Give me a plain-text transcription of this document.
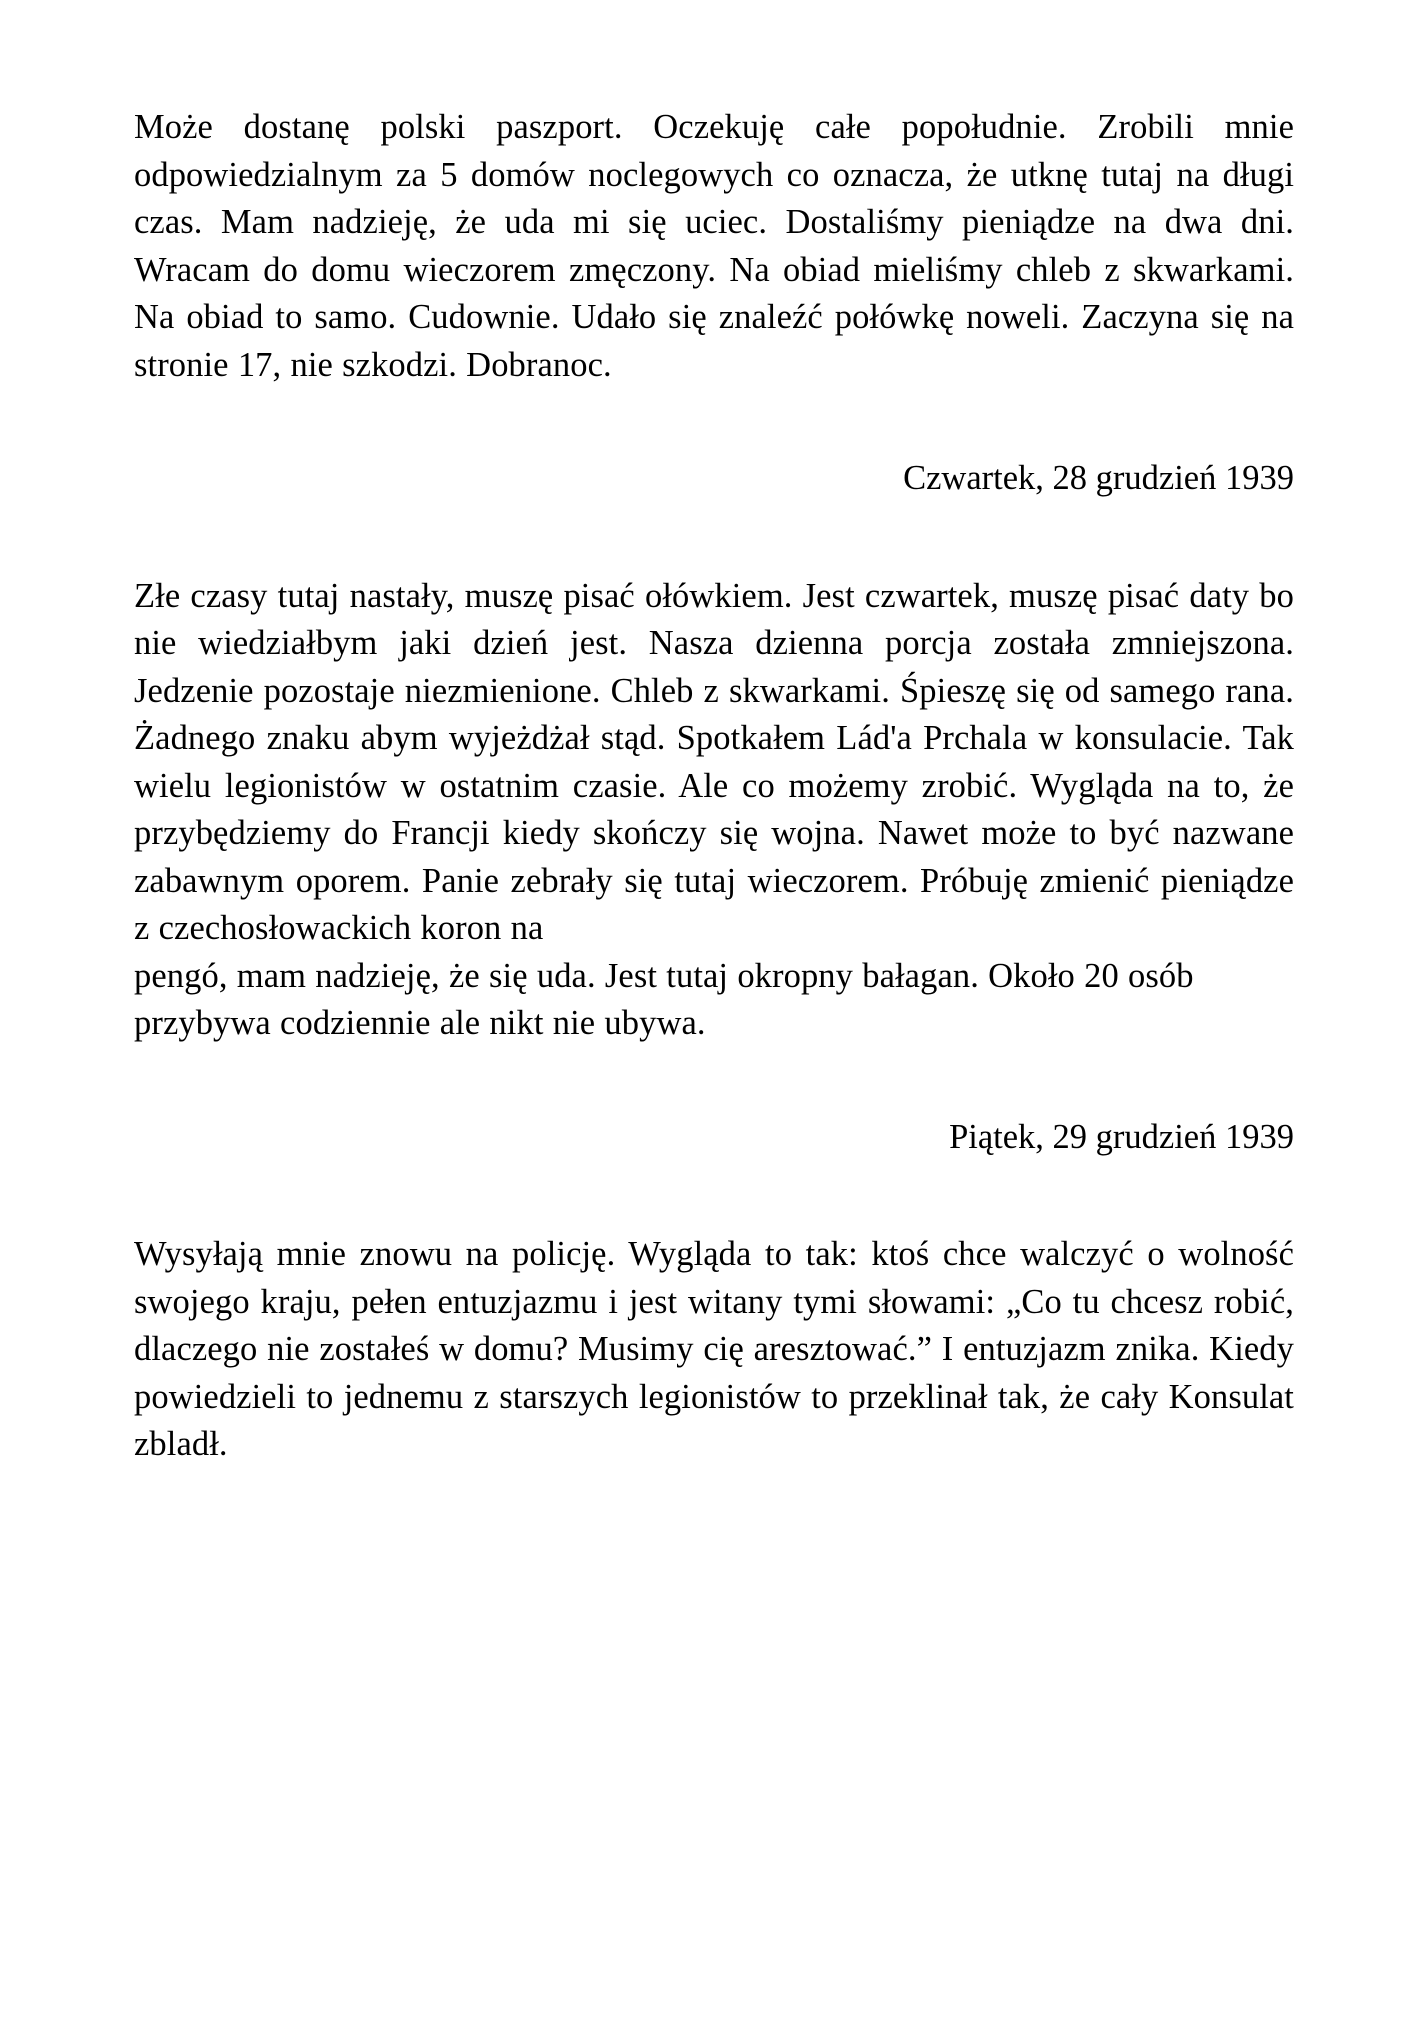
Może dostanę polski paszport. Oczekuję całe popołudnie. Zrobili mnie odpowiedzialnym za 5 domów noclegowych co oznacza, że utknę tutaj na długi czas. Mam nadzieję, że uda mi się uciec. Dostaliśmy pieniądze na dwa dni. Wracam do domu wieczorem zmęczony. Na obiad mieliśmy chleb z skwarkami. Na obiad to samo. Cudownie. Udało się znaleźć połówkę noweli. Zaczyna się na stronie 17, nie szkodzi. Dobranoc.

Czwartek, 28 grudzień 1939

Złe czasy tutaj nastały, muszę pisać ołówkiem. Jest czwartek, muszę pisać daty bo nie wiedziałbym jaki dzień jest. Nasza dzienna porcja została zmniejszona. Jedzenie pozostaje niezmienione. Chleb z skwarkami. Śpieszę się od samego rana. Żadnego znaku abym wyjeżdżał stąd. Spotkałem Lád'a Prchala w konsulacie. Tak wielu legionistów w ostatnim czasie. Ale co możemy zrobić. Wygląda na to, że przybędziemy do Francji kiedy skończy się wojna. Nawet może to być nazwane zabawnym oporem. Panie zebrały się tutaj wieczorem. Próbuję zmienić pieniądze z czechosłowackich koron na

pengó, mam nadzieję, że się uda. Jest tutaj okropny bałagan. Około 20 osób przybywa codziennie ale nikt nie ubywa.

Piątek, 29 grudzień 1939

Wysyłają mnie znowu na policję. Wygląda to tak: ktoś chce walczyć o wolność swojego kraju, pełen entuzjazmu i jest witany tymi słowami: „Co tu chcesz robić, dlaczego nie zostałeś w domu? Musimy cię aresztować.” I entuzjazm znika. Kiedy powiedzieli to jednemu z starszych legionistów to przeklinał tak, że cały Konsulat zbladł.
